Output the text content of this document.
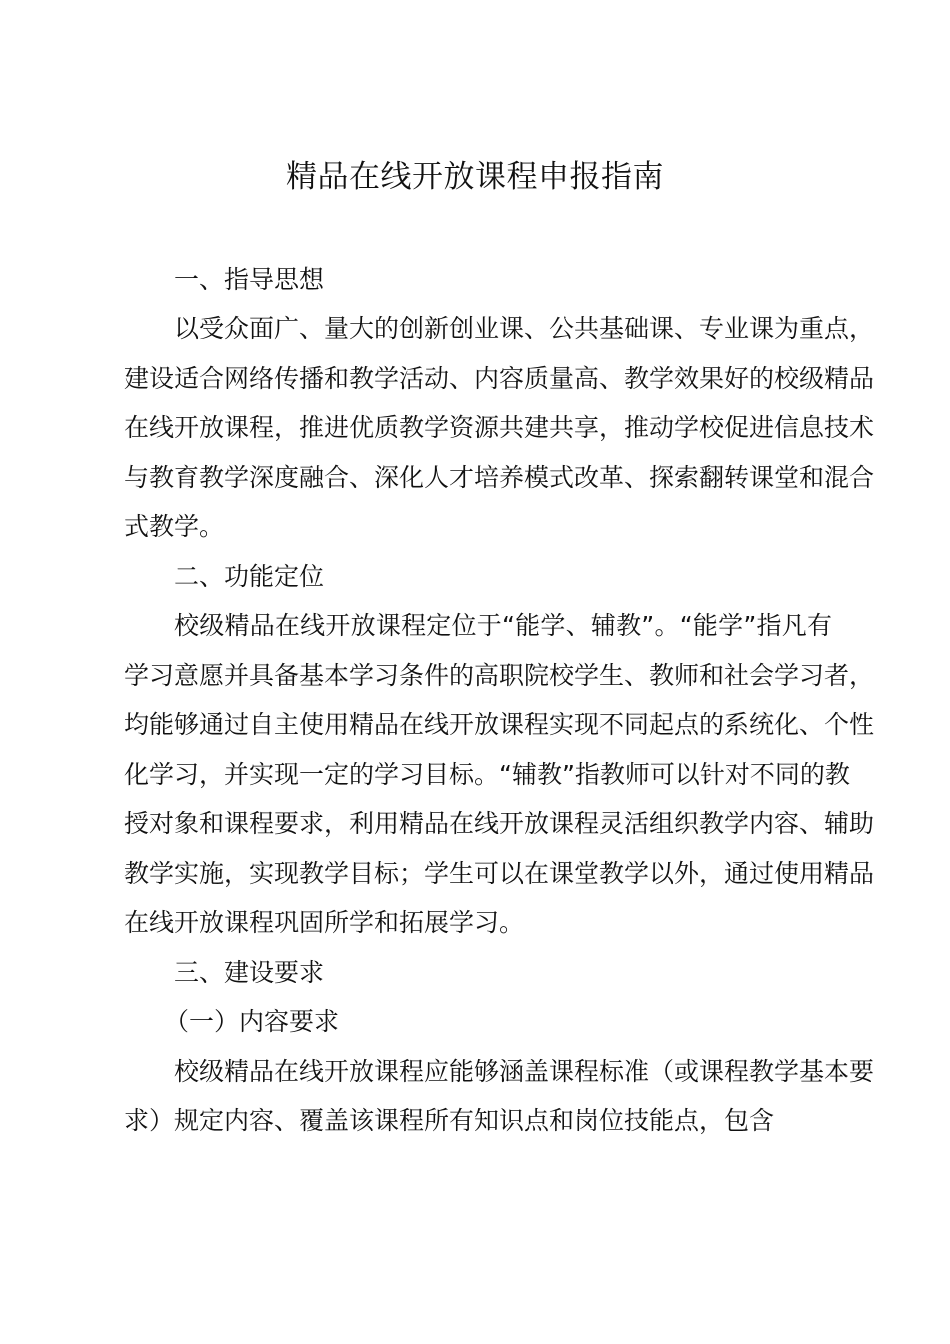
精品在线开放课程申报指南
一、指导思想
以受众面广、量大的创新创业课、公共基础课、专业课为重点，
建设适合网络传播和教学活动、内容质量高、教学效果好的校级精品
在线开放课程，推进优质教学资源共建共享，推动学校促进信息技术
与教育教学深度融合、深化人才培养模式改革、探索翻转课堂和混合
式教学。
二、功能定位
校级精品在线开放课程定位于“能学、辅教”。“能学”指凡有
学习意愿并具备基本学习条件的高职院校学生、教师和社会学习者，
均能够通过自主使用精品在线开放课程实现不同起点的系统化、个性
化学习，并实现一定的学习目标。“辅教”指教师可以针对不同的教
授对象和课程要求，利用精品在线开放课程灵活组织教学内容、辅助
教学实施，实现教学目标；学生可以在课堂教学以外，通过使用精品
在线开放课程巩固所学和拓展学习。
三、建设要求
（一）内容要求
校级精品在线开放课程应能够涵盖课程标准（或课程教学基本要
求）规定内容、覆盖该课程所有知识点和岗位技能点，包含
